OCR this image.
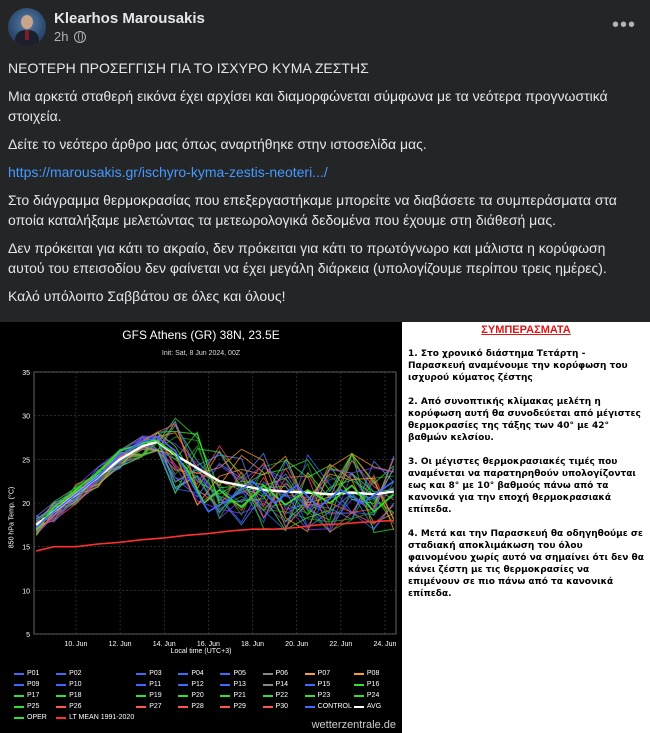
Klearhos Marousakis
2h
•••

ΝΕΟΤΕΡΗ ΠΡΟΣΕΓΓΙΣΗ ΓΙΑ ΤΟ ΙΣΧΥΡΟ ΚΥΜΑ ΖΕΣΤΗΣ

Μια αρκετά σταθερή εικόνα έχει αρχίσει και διαμορφώνεται σύμφωνα με τα νεότερα προγνωστικά στοιχεία.

Δείτε το νεότερο άρθρο μας όπως αναρτήθηκε στην ιστοσελίδα μας.

https://marousakis.gr/ischyro-kyma-zestis-neoteri.../

Στο διάγραμμα θερμοκρασίας που επεξεργαστήκαμε μπορείτε να διαβάσετε τα συμπεράσματα στα οποία καταλήξαμε μελετώντας τα μετεωρολογικά δεδομένα που έχουμε στη διάθεσή μας.

Δεν πρόκειται για κάτι το ακραίο, δεν πρόκειται για κάτι το πρωτόγνωρο και μάλιστα η κορύφωση αυτού του επεισοδίου δεν φαίνεται να έχει μεγάλη διάρκεια (υπολογίζουμε περίπου τρεις ημέρες).

Καλό υπόλοιπο Σαββάτου σε όλες και όλους!

GFS Athens (GR) 38N, 23.5E
Init: Sat, 8 Jun 2024, 00Z
850 hPa Temp. (°C)
5
10
15
20
25
30
35
10. Jun	12. Jun	14. Jun	16. Jun	18. Jun	20. Jun	22. Jun	24. Jun
Local time (UTC+3)
P01	P02	P03	P04	P05	P06	P07	P08
P09	P10	P11	P12	P13	P14	P15	P16
P17	P18	P19	P20	P21	P22	P23	P24
P25	P26	P27	P28	P29	P30	CONTROL AVG
OPER	LT MEAN 1991-2020
wetterzentrale.de
ΣΥΜΠΕΡΑΣΜΑΤΑ
1. Στο χρονικό διάστημα Τετάρτη - Παρασκευή αναμένουμε την κορύφωση του ισχυρού κύματος ζέστης
2. Από συνοπτικής κλίμακας μελέτη η κορύφωση αυτή θα συνοδεύεται από μέγιστες θερμοκρασίες της τάξης των 40° με 42° βαθμών κελσίου.
3. Οι μέγιστες θερμοκρασιακές τιμές που αναμένεται να παρατηρηθούν υπολογίζονται εως και 8° με 10° βαθμούς πάνω από τα κανονικά για την εποχή θερμοκρασιακά επίπεδα.
4. Μετά και την Παρασκευή θα οδηγηθούμε σε σταδιακή αποκλιμάκωση του όλου φαινομένου χωρίς αυτό να σημαίνει ότι δεν θα κάνει ζέστη με τις θερμοκρασίες να επιμένουν σε πιο πάνω από τα κανονικά επίπεδα.
